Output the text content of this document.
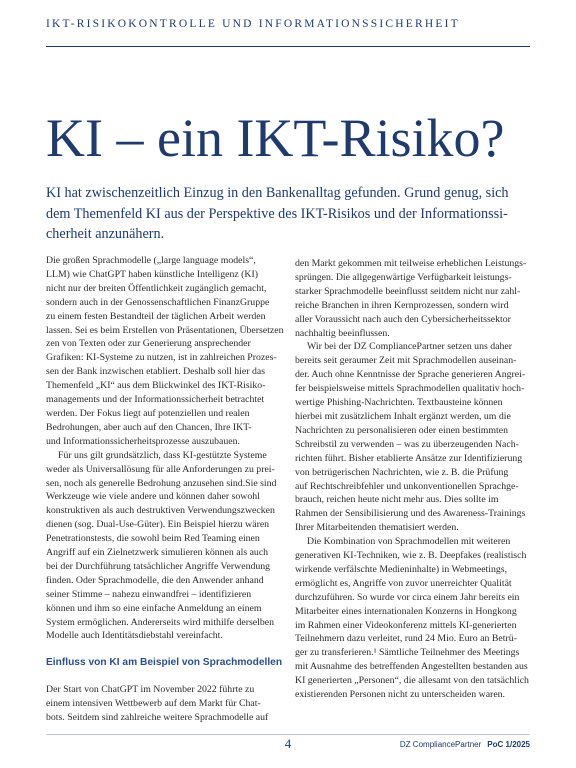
IKT-RISIKOKONTROLLE UND INFORMATIONSSICHERHEIT
KI – ein IKT-Risiko?

KI hat zwischenzeitlich Einzug in den Bankenalltag gefunden. Grund genug, sich

dem Themenfeld KI aus der Perspektive des IKT-Risikos und der Informationssi-

cherheit anzunähern.

Die großen Sprachmodelle („large language models“,

LLM) wie ChatGPT haben künstliche Intelligenz (KI)

nicht nur der breiten Öffentlichkeit zugänglich gemacht,

sondern auch in der Genossenschaftlichen FinanzGruppe

zu einem festen Bestandteil der täglichen Arbeit werden

lassen. Sei es beim Erstellen von Präsentationen, Übersetzen

zen von Texten oder zur Generierung ansprechender

Grafiken: KI-Systeme zu nutzen, ist in zahlreichen Prozes-

sen der Bank inzwischen etabliert. Deshalb soll hier das

Themenfeld „KI“ aus dem Blickwinkel des IKT-Risiko-

managements und der Informationssicherheit betrachtet

werden. Der Fokus liegt auf potenziellen und realen

Bedrohungen, aber auch auf den Chancen, Ihre IKT-

und Informationssicherheitsprozesse auszubauen.

Für uns gilt grundsätzlich, dass KI-gestützte Systeme

weder als Universallösung für alle Anforderungen zu prei-

sen, noch als generelle Bedrohung anzusehen sind.Sie sind

Werkzeuge wie viele andere und können daher sowohl

konstruktiven als auch destruktiven Verwendungszwecken

dienen (sog. Dual-Use-Güter). Ein Beispiel hierzu wären

Penetrationstests, die sowohl beim Red Teaming einen

Angriff auf ein Zielnetzwerk simulieren können als auch

bei der Durchführung tatsächlicher Angriffe Verwendung

finden. Oder Sprachmodelle, die den Anwender anhand

seiner Stimme – nahezu einwandfrei – identifizieren

können und ihm so eine einfache Anmeldung an einem

System ermöglichen. Andererseits wird mithilfe derselben

Modelle auch Identitätsdiebstahl vereinfacht.

Einfluss von KI am Beispiel von Sprachmodellen

Der Start von ChatGPT im November 2022 führte zu

einem intensiven Wettbewerb auf dem Markt für Chat-

bots. Seitdem sind zahlreiche weitere Sprachmodelle auf

den Markt gekommen mit teilweise erheblichen Leistungs-

sprüngen. Die allgegenwärtige Verfügbarkeit leistungs-

starker Sprachmodelle beeinflusst seitdem nicht nur zahl-

reiche Branchen in ihren Kernprozessen, sondern wird

aller Voraussicht nach auch den Cybersicherheitssektor

nachhaltig beeinflussen.

Wir bei der DZ CompliancePartner setzen uns daher

bereits seit geraumer Zeit mit Sprachmodellen auseinan-

der. Auch ohne Kenntnisse der Sprache generieren Angrei-

fer beispielsweise mittels Sprachmodellen qualitativ hoch-

wertige Phishing-Nachrichten. Textbausteine können

hierbei mit zusätzlichem Inhalt ergänzt werden, um die

Nachrichten zu personalisieren oder einen bestimmten

Schreibstil zu verwenden – was zu überzeugenden Nach-

richten führt. Bisher etablierte Ansätze zur Identifizierung

von betrügerischen Nachrichten, wie z. B. die Prüfung

auf Rechtschreibfehler und unkonventionellen Sprachge-

brauch, reichen heute nicht mehr aus. Dies sollte im

Rahmen der Sensibilisierung und des Awareness-Trainings

Ihrer Mitarbeitenden thematisiert werden.

Die Kombination von Sprachmodellen mit weiteren

generativen KI-Techniken, wie z. B. Deepfakes (realistisch

wirkende verfälschte Medieninhalte) in Webmeetings,

ermöglicht es, Angriffe von zuvor unerreichter Qualität

durchzuführen. So wurde vor circa einem Jahr bereits ein

Mitarbeiter eines internationalen Konzerns in Hongkong

im Rahmen einer Videokonferenz mittels KI-generierten

Teilnehmern dazu verleitet, rund 24 Mio. Euro an Betrü-

ger zu transferieren.¹ Sämtliche Teilnehmer des Meetings

mit Ausnahme des betreffenden Angestellten bestanden aus

KI generierten „Personen“, die allesamt von den tatsächlich

existierenden Personen nicht zu unterscheiden waren.

4	DZ CompliancePartner PoC 1/2025
